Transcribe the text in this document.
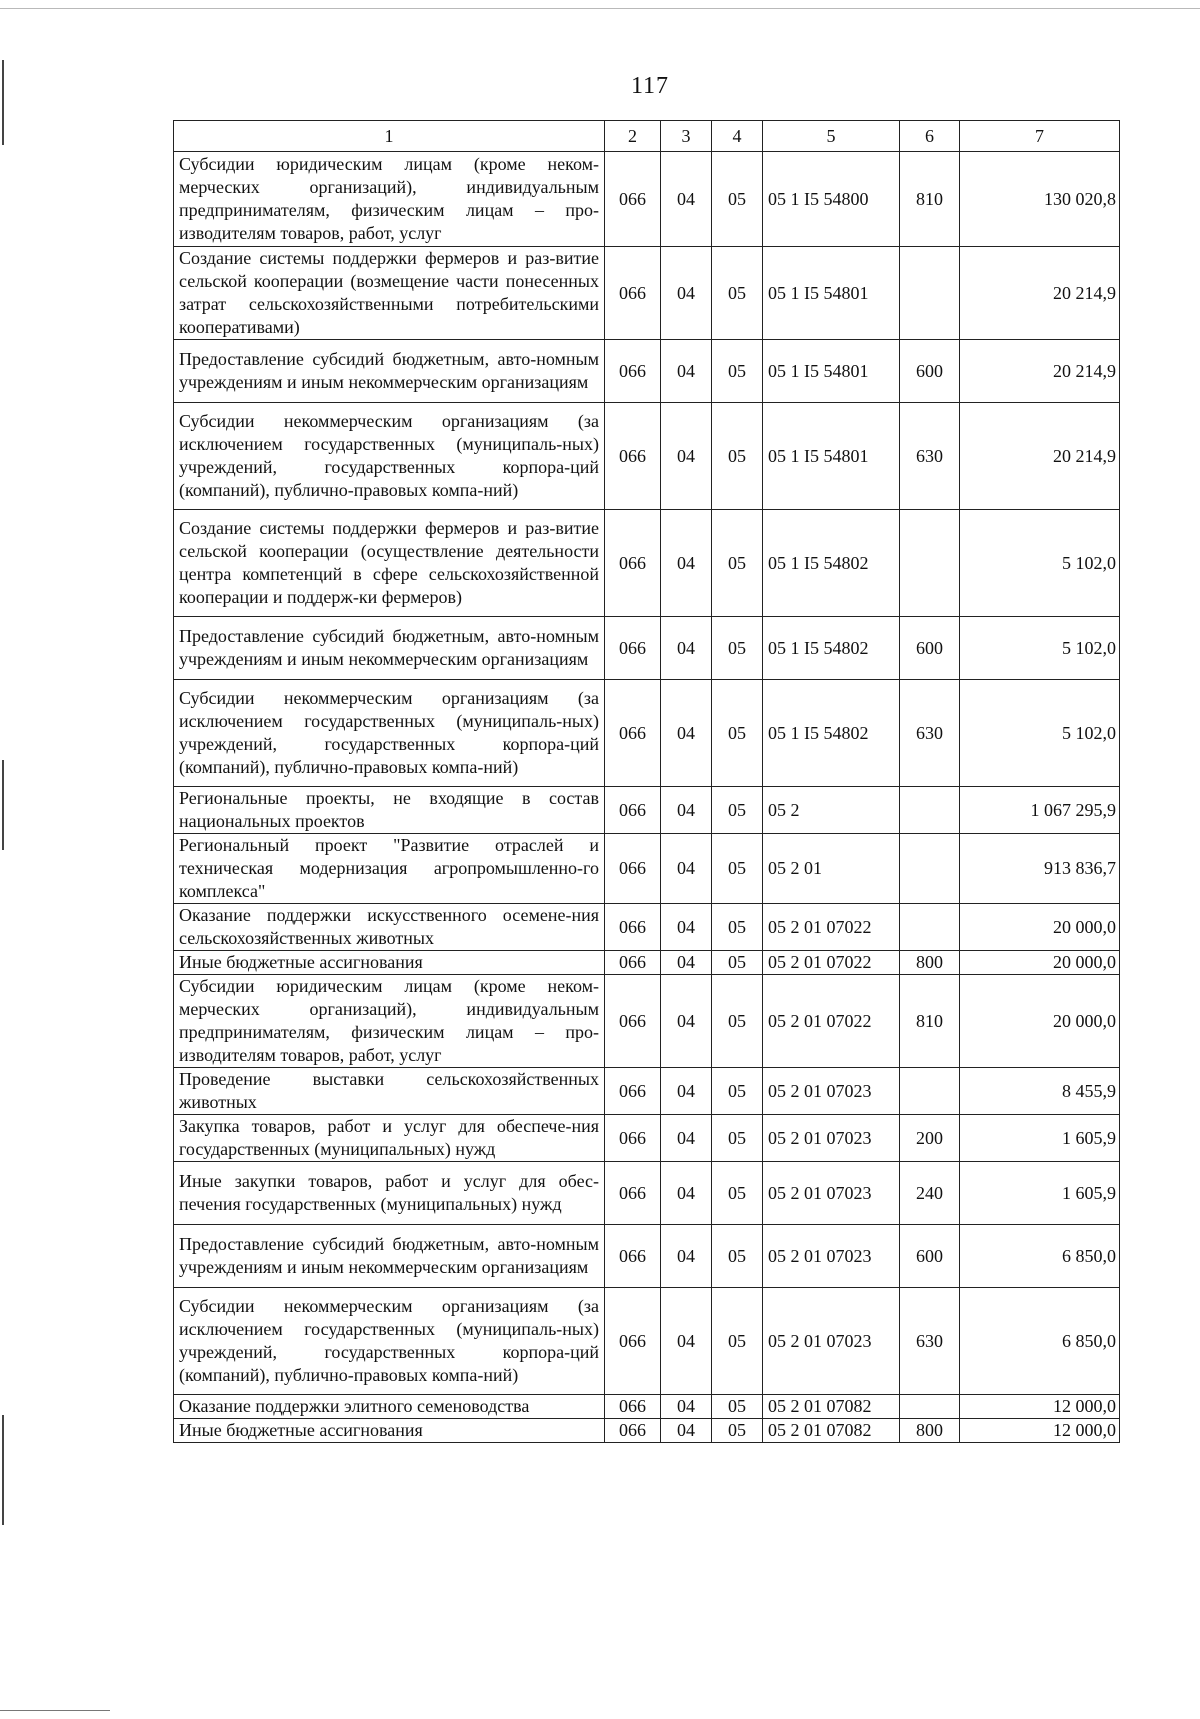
117
1	2	3	4	5	6	7
Субсидии юридическим лицам (кроме неком-мерческих организаций), индивидуальным предпринимателям, физическим лицам – про-изводителям товаров, работ, услуг	066	04	05	05 1 I5 54800	810	130 020,8
Создание системы поддержки фермеров и раз-витие сельской кооперации (возмещение части понесенных затрат сельскохозяйственными потребительскими кооперативами)	066	04	05	05 1 I5 54801		20 214,9
Предоставление субсидий бюджетным, авто-номным учреждениям и иным некоммерческим организациям	066	04	05	05 1 I5 54801	600	20 214,9
Субсидии некоммерческим организациям (за исключением государственных (муниципаль-ных) учреждений, государственных корпора-ций (компаний), публично-правовых компа-ний)	066	04	05	05 1 I5 54801	630	20 214,9
Создание системы поддержки фермеров и раз-витие сельской кооперации (осуществление деятельности центра компетенций в сфере сельскохозяйственной кооперации и поддерж-ки фермеров)	066	04	05	05 1 I5 54802		5 102,0
Предоставление субсидий бюджетным, авто-номным учреждениям и иным некоммерческим организациям	066	04	05	05 1 I5 54802	600	5 102,0
Субсидии некоммерческим организациям (за исключением государственных (муниципаль-ных) учреждений, государственных корпора-ций (компаний), публично-правовых компа-ний)	066	04	05	05 1 I5 54802	630	5 102,0
Региональные проекты, не входящие в состав национальных проектов	066	04	05	05 2		1 067 295,9
Региональный проект "Развитие отраслей и техническая модернизация агропромышленно-го комплекса"	066	04	05	05 2 01		913 836,7
Оказание поддержки искусственного осемене-ния сельскохозяйственных животных	066	04	05	05 2 01 07022		20 000,0
Иные бюджетные ассигнования	066	04	05	05 2 01 07022	800	20 000,0
Субсидии юридическим лицам (кроме неком-мерческих организаций), индивидуальным предпринимателям, физическим лицам – про-изводителям товаров, работ, услуг	066	04	05	05 2 01 07022	810	20 000,0
Проведение выставки сельскохозяйственных животных	066	04	05	05 2 01 07023		8 455,9
Закупка товаров, работ и услуг для обеспече-ния государственных (муниципальных) нужд	066	04	05	05 2 01 07023	200	1 605,9
Иные закупки товаров, работ и услуг для обес-печения государственных (муниципальных) нужд	066	04	05	05 2 01 07023	240	1 605,9
Предоставление субсидий бюджетным, авто-номным учреждениям и иным некоммерческим организациям	066	04	05	05 2 01 07023	600	6 850,0
Субсидии некоммерческим организациям (за исключением государственных (муниципаль-ных) учреждений, государственных корпора-ций (компаний), публично-правовых компа-ний)	066	04	05	05 2 01 07023	630	6 850,0
Оказание поддержки элитного семеноводства	066	04	05	05 2 01 07082		12 000,0
Иные бюджетные ассигнования	066	04	05	05 2 01 07082	800	12 000,0
